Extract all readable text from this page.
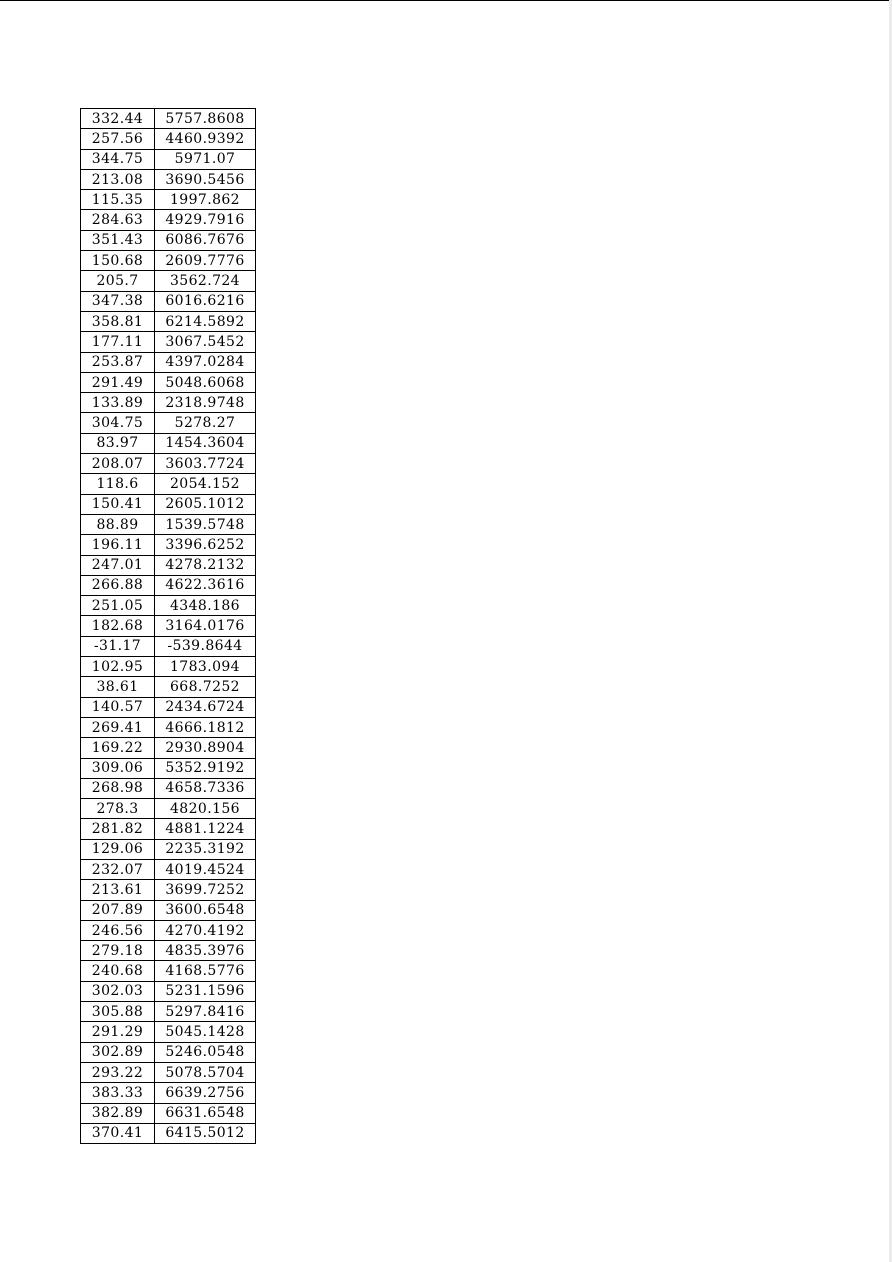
332.44	5757.8608
257.56	4460.9392
344.75	5971.07
213.08	3690.5456
115.35	1997.862
284.63	4929.7916
351.43	6086.7676
150.68	2609.7776
205.7	3562.724
347.38	6016.6216
358.81	6214.5892
177.11	3067.5452
253.87	4397.0284
291.49	5048.6068
133.89	2318.9748
304.75	5278.27
83.97	1454.3604
208.07	3603.7724
118.6	2054.152
150.41	2605.1012
88.89	1539.5748
196.11	3396.6252
247.01	4278.2132
266.88	4622.3616
251.05	4348.186
182.68	3164.0176
-31.17	-539.8644
102.95	1783.094
38.61	668.7252
140.57	2434.6724
269.41	4666.1812
169.22	2930.8904
309.06	5352.9192
268.98	4658.7336
278.3	4820.156
281.82	4881.1224
129.06	2235.3192
232.07	4019.4524
213.61	3699.7252
207.89	3600.6548
246.56	4270.4192
279.18	4835.3976
240.68	4168.5776
302.03	5231.1596
305.88	5297.8416
291.29	5045.1428
302.89	5246.0548
293.22	5078.5704
383.33	6639.2756
382.89	6631.6548
370.41	6415.5012
